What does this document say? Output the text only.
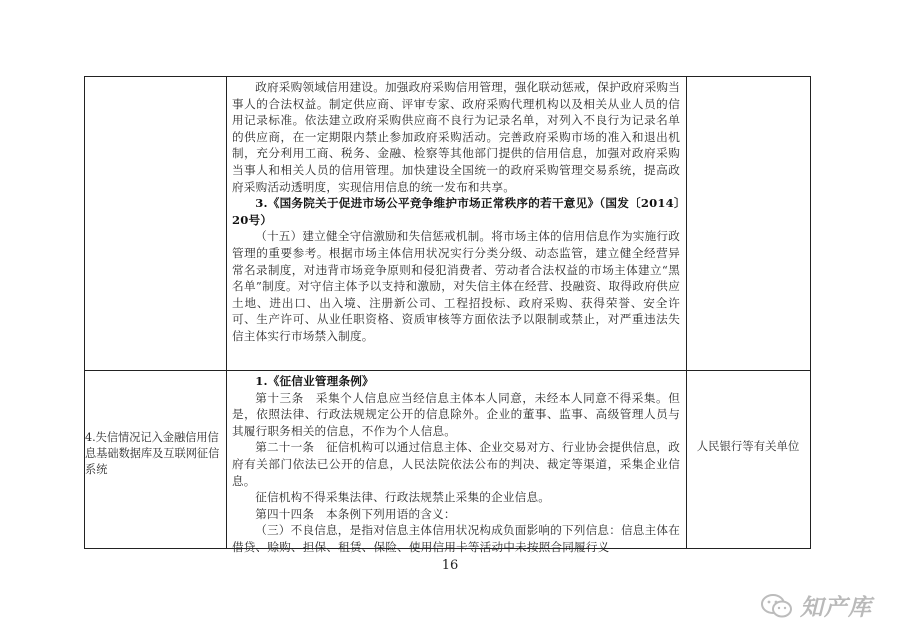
政府采购领域信用建设。加强政府采购信用管理，强化联动惩戒，保护政府采购当事人的合法权益。制定供应商、评审专家、政府采购代理机构以及相关从业人员的信用记录标准。依法建立政府采购供应商不良行为记录名单，对列入不良行为记录名单的供应商，在一定期限内禁止参加政府采购活动。完善政府采购市场的准入和退出机制，充分利用工商、税务、金融、检察等其他部门提供的信用信息，加强对政府采购当事人和相关人员的信用管理。加快建设全国统一的政府采购管理交易系统，提高政府采购活动透明度，实现信用信息的统一发布和共享。

3.《国务院关于促进市场公平竞争维护市场正常秩序的若干意见》（国发〔2014〕20号）

（十五）建立健全守信激励和失信惩戒机制。将市场主体的信用信息作为实施行政管理的重要参考。根据市场主体信用状况实行分类分级、动态监管，建立健全经营异常名录制度，对违背市场竞争原则和侵犯消费者、劳动者合法权益的市场主体建立“黑名单”制度。对守信主体予以支持和激励，对失信主体在经营、投融资、取得政府供应土地、进出口、出入境、注册新公司、工程招投标、政府采购、获得荣誉、安全许可、生产许可、从业任职资格、资质审核等方面依法予以限制或禁止，对严重违法失信主体实行市场禁入制度。

4.失信情况记入金融信用信息基础数据库及互联网征信系统

1.《征信业管理条例》

第十三条　采集个人信息应当经信息主体本人同意，未经本人同意不得采集。但是，依照法律、行政法规规定公开的信息除外。企业的董事、监事、高级管理人员与其履行职务相关的信息，不作为个人信息。

第二十一条　征信机构可以通过信息主体、企业交易对方、行业协会提供信息，政府有关部门依法已公开的信息，人民法院依法公布的判决、裁定等渠道，采集企业信息。

征信机构不得采集法律、行政法规禁止采集的企业信息。

第四十四条　本条例下列用语的含义：

（三）不良信息，是指对信息主体信用状况构成负面影响的下列信息：信息主体在借贷、赊购、担保、租赁、保险、使用信用卡等活动中未按照合同履行义

人民银行等有关单位
16
知产库
